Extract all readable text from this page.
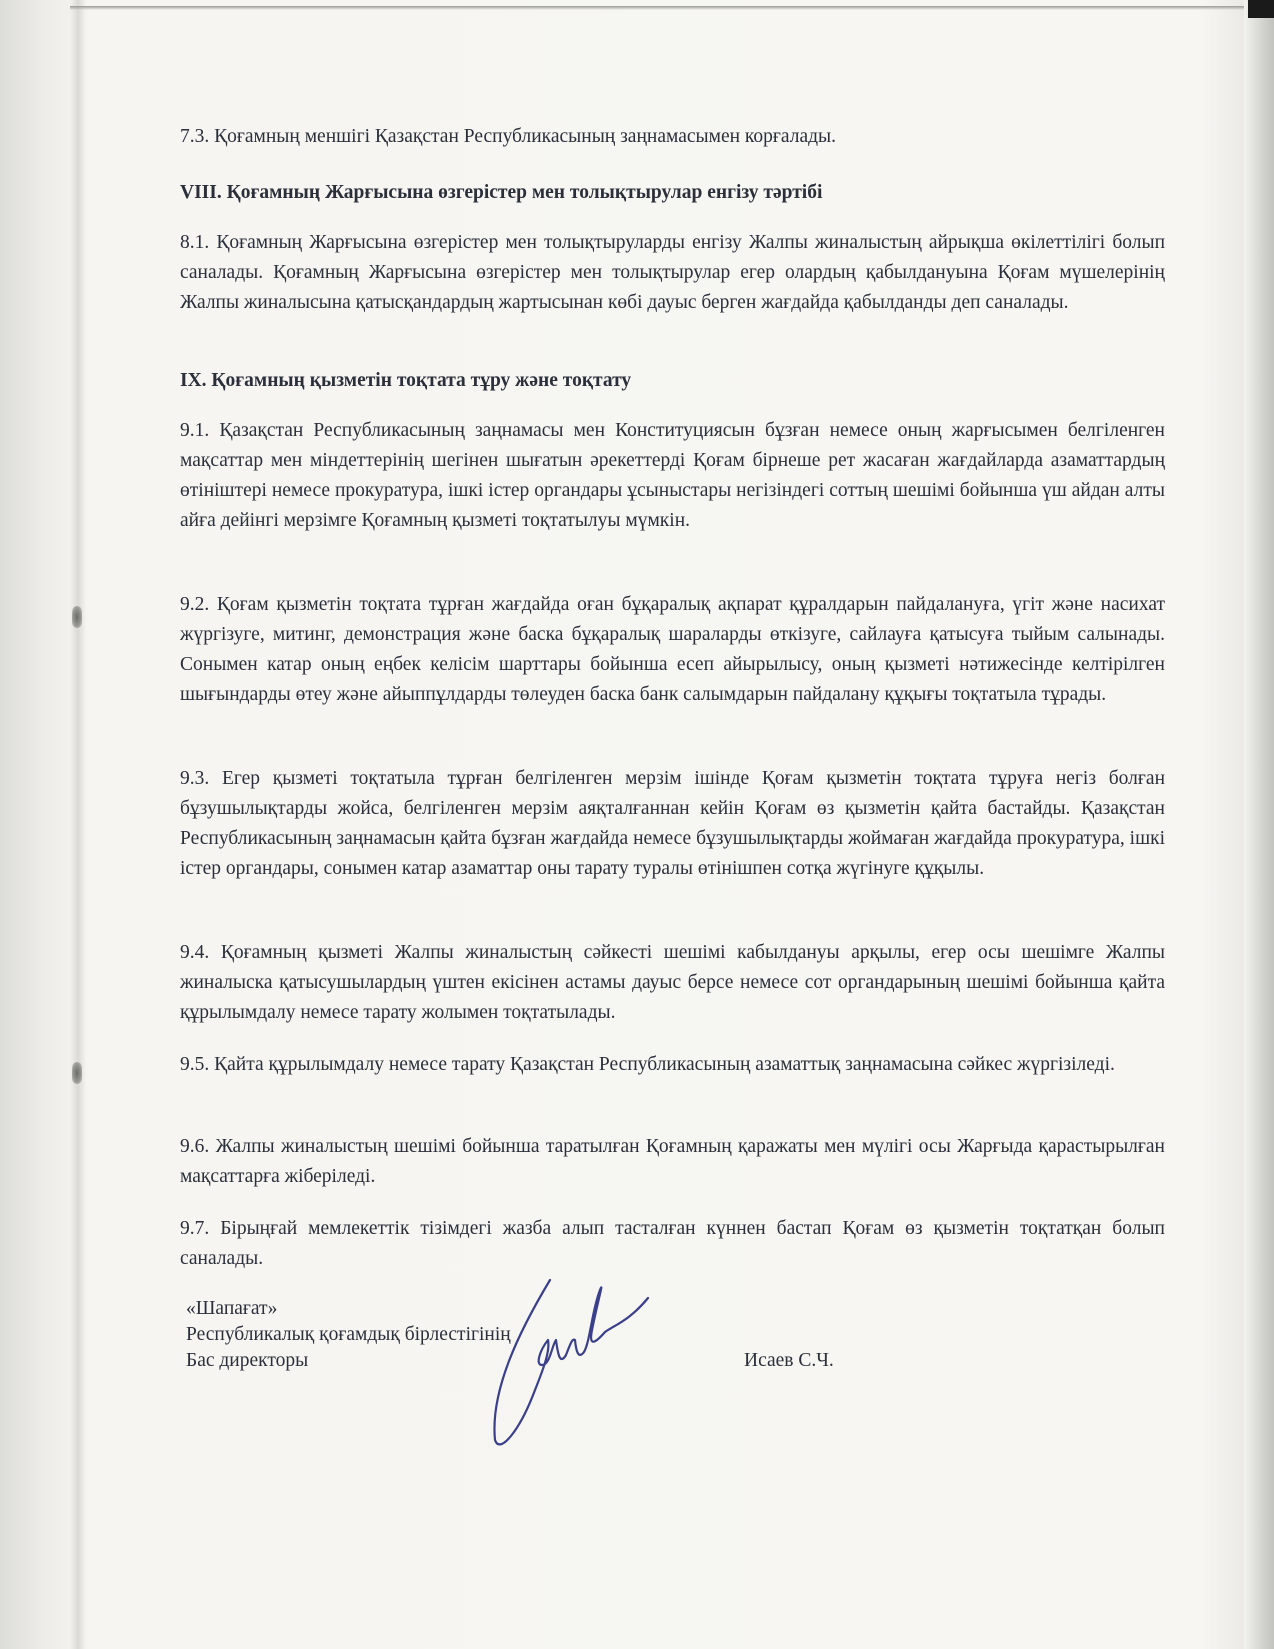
7.3. Қоғамның меншігі Қазақстан Республикасының заңнамасымен корғалады.

VIII. Қоғамның Жарғысына өзгерістер мен толықтырулар енгізу тәртібі

8.1. Қоғамның Жарғысына өзгерістер мен толықтыруларды енгізу Жалпы жиналыстың айрықша өкілеттілігі болып саналады. Қоғамның Жарғысына өзгерістер мен толықтырулар егер олардың қабылдануына Қоғам мүшелерінің Жалпы жиналысына қатысқандардың жартысынан көбі дауыс берген жағдайда қабылданды деп саналады.

IX. Қоғамның қызметін тоқтата тұру және тоқтату

9.1. Қазақстан Республикасының заңнамасы мен Конституциясын бұзған немесе оның жарғысымен белгіленген мақсаттар мен міндеттерінің шегінен шығатын әрекеттерді Қоғам бірнеше рет жасаған жағдайларда азаматтардың өтініштері немесе прокуратура, ішкі істер органдары ұсыныстары негізіндегі соттың шешімі бойынша үш айдан алты айға дейінгі мерзімге Қоғамның қызметі тоқтатылуы мүмкін.

9.2. Қоғам қызметін тоқтата тұрған жағдайда оған бұқаралық ақпарат құралдарын пайдалануға, үгіт және насихат жүргізуге, митинг, демонстрация және баска бұқаралық шараларды өткізуге, сайлауға қатысуға тыйым салынады. Сонымен катар оның еңбек келісім шарттары бойынша есеп айырылысу, оның қызметі нәтижесінде келтірілген шығындарды өтеу және айыппұлдарды төлеуден баска банк салымдарын пайдалану құқығы тоқтатыла тұрады.

9.3. Егер қызметі тоқтатыла тұрған белгіленген мерзім ішінде Қоғам қызметін тоқтата тұруға негіз болған бұзушылықтарды жойса, белгіленген мерзім аяқталғаннан кейін Қоғам өз қызметін қайта бастайды. Қазақстан Республикасының заңнамасын қайта бұзған жағдайда немесе бұзушылықтарды жоймаған жағдайда прокуратура, ішкі істер органдары, сонымен катар азаматтар оны тарату туралы өтінішпен сотқа жүгінуге құқылы.

9.4. Қоғамның қызметі Жалпы жиналыстың сәйкесті шешімі кабылдануы арқылы, егер осы шешімге Жалпы жиналыска қатысушылардың үштен екісінен астамы дауыс берсе немесе сот органдарының шешімі бойынша қайта құрылымдалу немесе тарату жолымен тоқтатылады.

9.5. Қайта құрылымдалу немесе тарату Қазақстан Республикасының азаматтық заңнамасына сәйкес жүргізіледі.

9.6. Жалпы жиналыстың шешімі бойынша таратылған Қоғамның қаражаты мен мүлігі осы Жарғыда қарастырылған мақсаттарға жіберіледі.

9.7. Бірыңғай мемлекеттік тізімдегі жазба алып тасталған күннен бастап Қоғам өз қызметін тоқтатқан болып саналады.

«Шапағат»
Республикалық қоғамдық бірлестігінің
Бас директоры	Исаев С.Ч.
